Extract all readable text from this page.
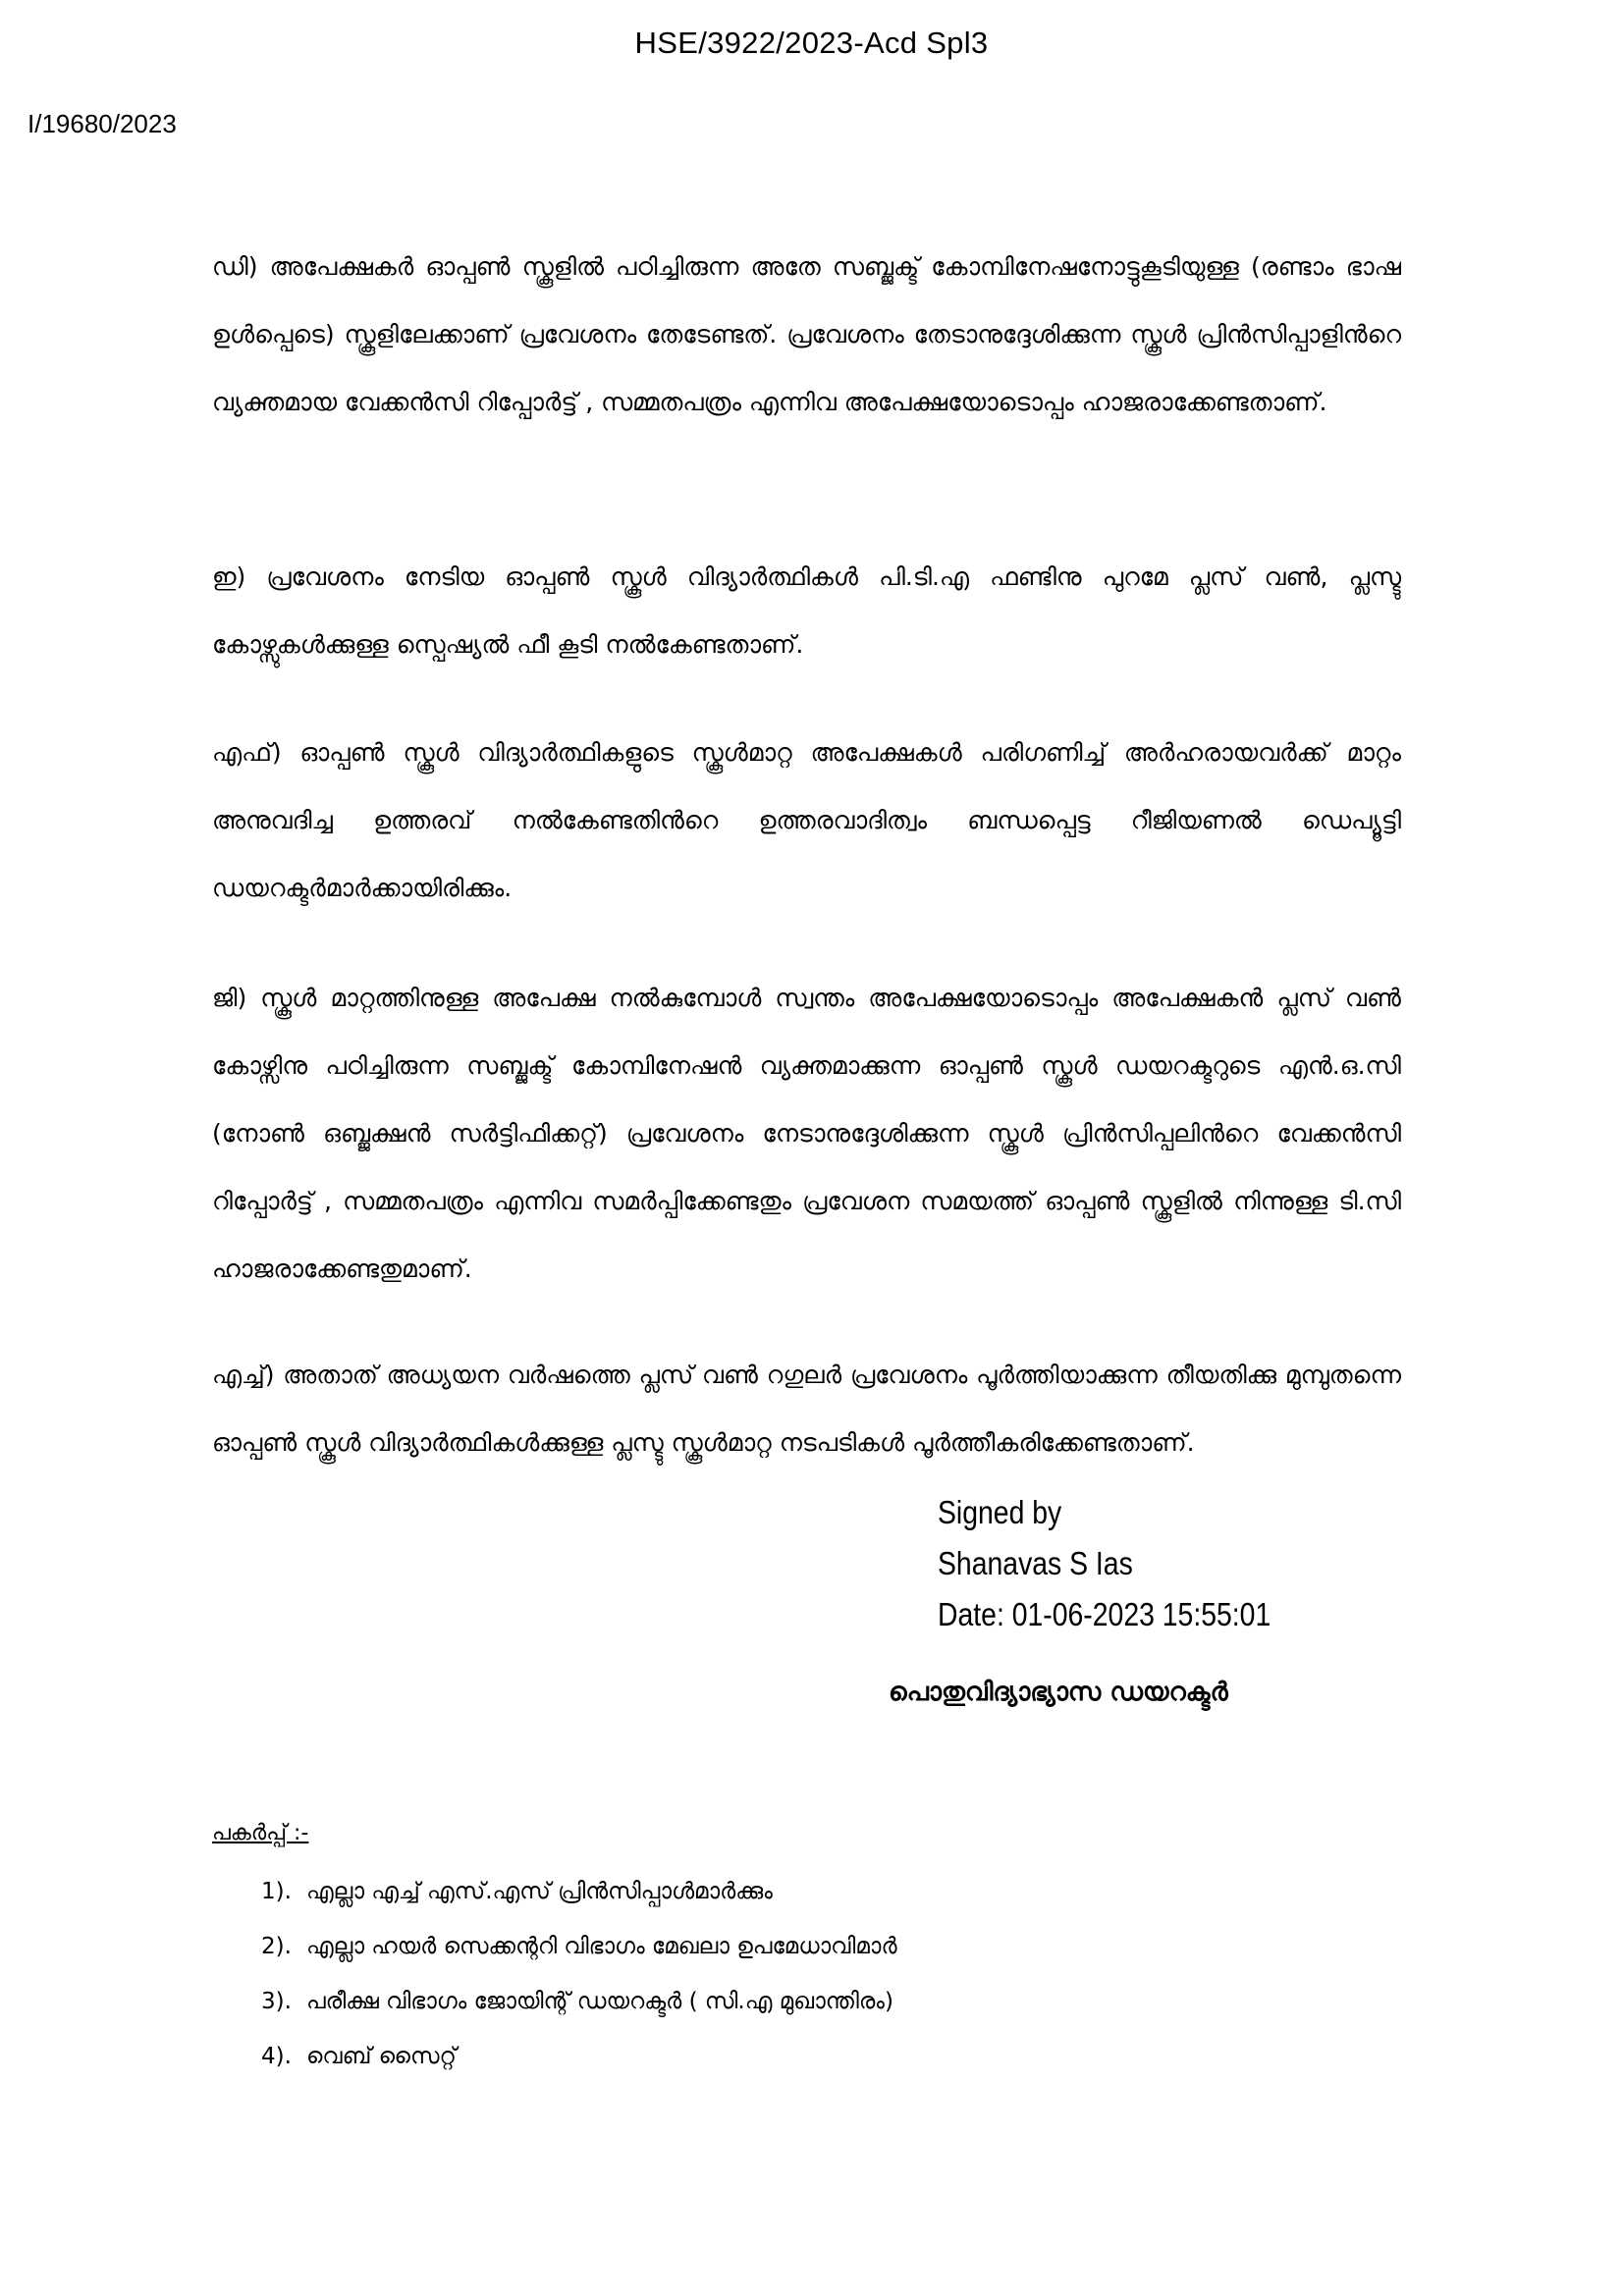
HSE/3922/2023-Acd Spl3
I/19680/2023
ഡി) അപേക്ഷകർ ഓപ്പൺ സ്കൂളിൽ പഠിച്ചിരുന്ന അതേ സബ്ജക്ട് കോമ്പിനേഷനോട്ടുകൂടിയുള്ള (രണ്ടാം ഭാഷ ഉൾപ്പെടെ) സ്കൂളിലേക്കാണ് പ്രവേശനം തേടേണ്ടത്. പ്രവേശനം തേടാനുദ്ദേശിക്കുന്ന സ്കൂൾ പ്രിൻസിപ്പാളിൻറെ വ്യക്തമായ വേക്കൻസി റിപ്പോർട്ട് , സമ്മതപത്രം എന്നിവ അപേക്ഷയോടൊപ്പം ഹാജരാക്കേണ്ടതാണ്.
ഇ) പ്രവേശനം നേടിയ ഓപ്പൺ സ്കൂൾ വിദ്യാർത്ഥികൾ പി.ടി.എ ഫണ്ടിനു പുറമേ പ്ലസ് വൺ, പ്ലസ്ടു കോഴ്സുകൾക്കുള്ള സ്പെഷ്യൽ ഫീ കൂടി നൽകേണ്ടതാണ്.
എഫ്) ഓപ്പൺ സ്കൂൾ വിദ്യാർത്ഥികളുടെ സ്കൂൾമാറ്റ അപേക്ഷകൾ പരിഗണിച്ച് അർഹരായവർക്ക് മാറ്റം അനുവദിച്ച ഉത്തരവ് നൽകേണ്ടതിൻറെ ഉത്തരവാദിത്വം ബന്ധപ്പെട്ട റീജിയണൽ ഡെപ്യൂട്ടി ഡയറക്ടർമാർക്കായിരിക്കും.
ജി) സ്കൂൾ മാറ്റത്തിനുള്ള അപേക്ഷ നൽകുമ്പോൾ സ്വന്തം അപേക്ഷയോടൊപ്പം അപേക്ഷകൻ പ്ലസ് വൺ കോഴ്സിനു പഠിച്ചിരുന്ന സബ്ജക്ട് കോമ്പിനേഷൻ വ്യക്തമാക്കുന്ന ഓപ്പൺ സ്കൂൾ ഡയറക്ടറുടെ എൻ.ഒ.സി (നോൺ ഒബ്ജക്ഷൻ സർട്ടിഫിക്കറ്റ്) പ്രവേശനം നേടാനുദ്ദേശിക്കുന്ന സ്കൂൾ പ്രിൻസിപ്പലിൻറെ വേക്കൻസി റിപ്പോർട്ട് , സമ്മതപത്രം എന്നിവ സമർപ്പിക്കേണ്ടതും പ്രവേശന സമയത്ത് ഓപ്പൺ സ്കൂളിൽ നിന്നുള്ള ടി.സി ഹാജരാക്കേണ്ടതുമാണ്.
എച്ച്) അതാത് അധ്യയന വർഷത്തെ പ്ലസ് വൺ റഗുലർ പ്രവേശനം പൂർത്തിയാക്കുന്ന തീയതിക്കു മുമ്പുതന്നെ ഓപ്പൺ സ്കൂൾ വിദ്യാർത്ഥികൾക്കുള്ള പ്ലസ്ടു സ്കൂൾമാറ്റ നടപടികൾ പൂർത്തീകരിക്കേണ്ടതാണ്.
Signed by
Shanavas S Ias
Date: 01-06-2023 15:55:01
പൊതുവിദ്യാഭ്യാസ ഡയറക്ടർ
പകർപ്പ് :-
1). എല്ലാ എച്ച് എസ്.എസ് പ്രിൻസിപ്പാൾമാർക്കും
2). എല്ലാ ഹയർ സെക്കന്ററി വിഭാഗം മേഖലാ ഉപമേധാവിമാർ
3). പരീക്ഷ വിഭാഗം ജോയിന്റ് ഡയറക്ടർ ( സി.എ മുഖാന്തിരം)
4). വെബ് സൈറ്റ്
